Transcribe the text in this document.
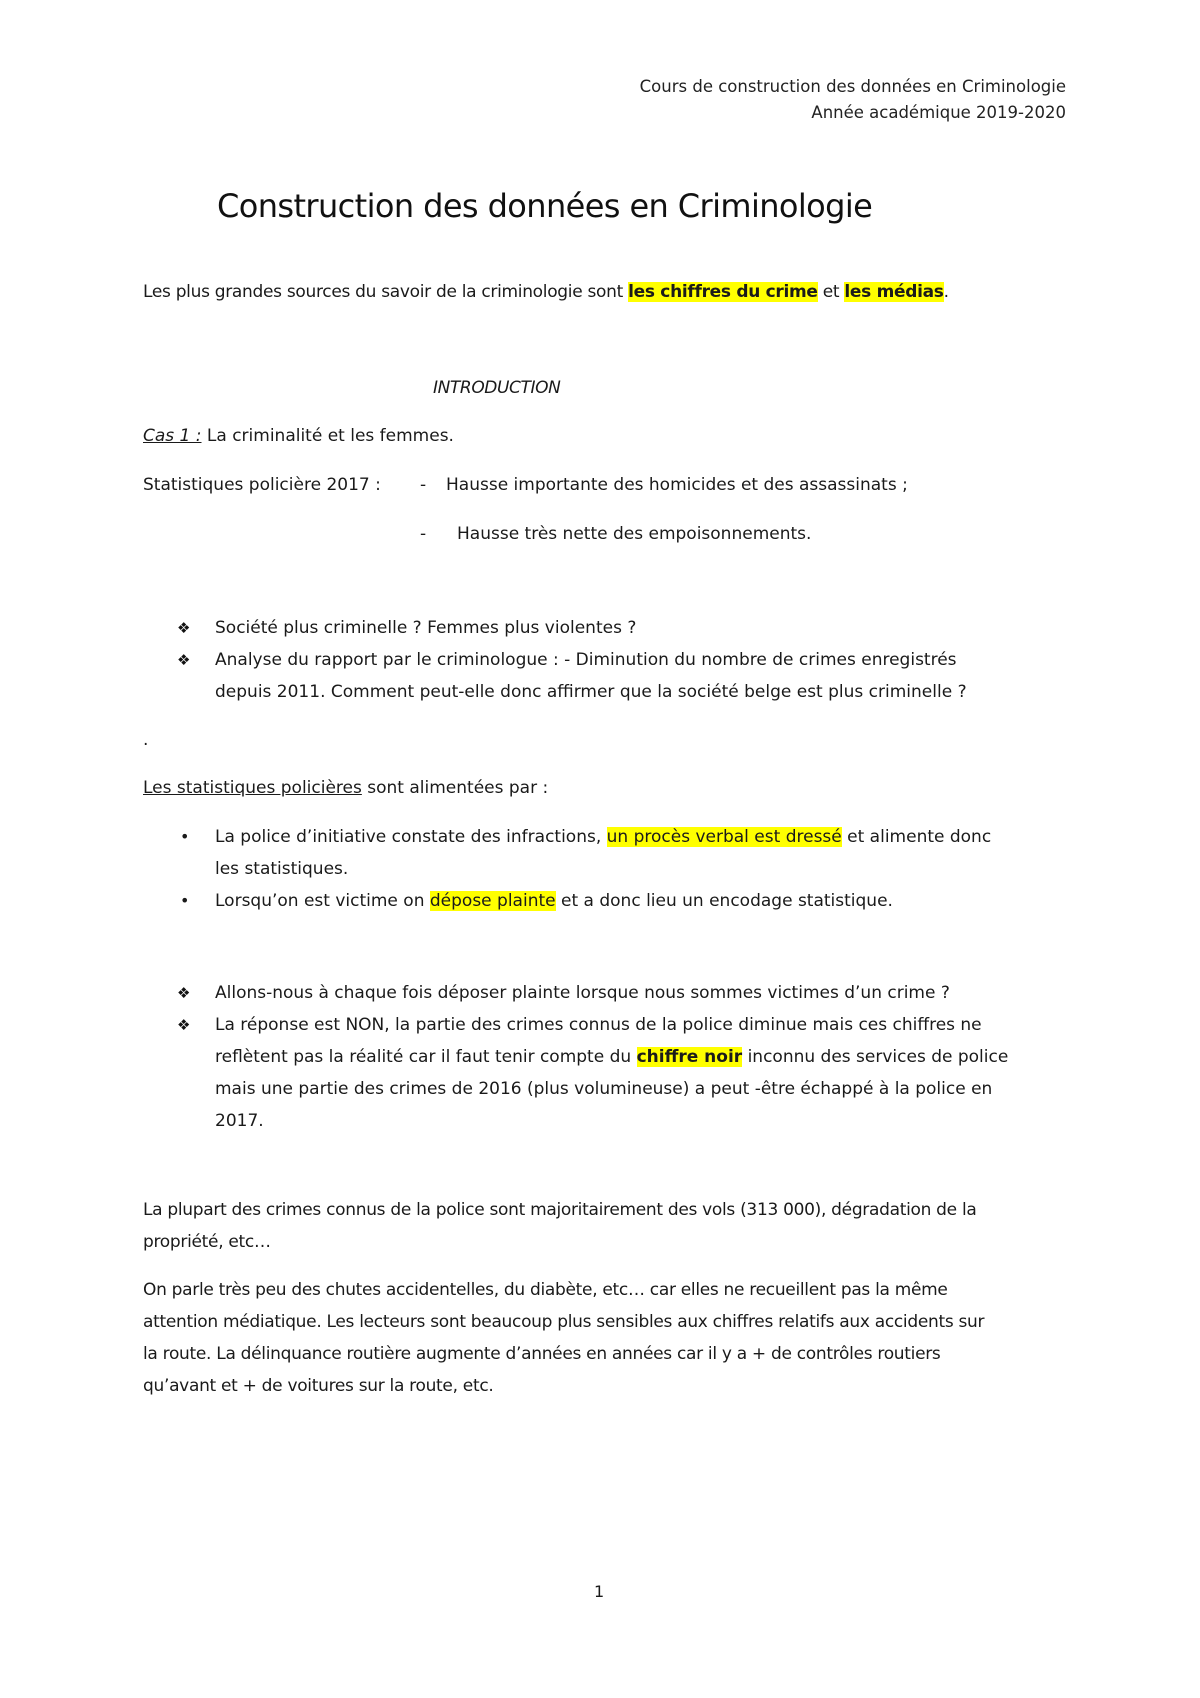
Cours de construction des données en Criminologie
Année académique 2019-2020
Construction des données en Criminologie
Les plus grandes sources du savoir de la criminologie sont les chiffres du crime et les médias.
INTRODUCTION
Cas 1 : La criminalité et les femmes.
Statistiques policière 2017 :	- Hausse importante des homicides et des assassinats ;
- Hausse très nette des empoisonnements.
❖ Société plus criminelle ? Femmes plus violentes ?
❖ Analyse du rapport par le criminologue : - Diminution du nombre de crimes enregistrés
depuis 2011. Comment peut-elle donc affirmer que la société belge est plus criminelle ?
.
Les statistiques policières sont alimentées par :
• La police d’initiative constate des infractions, un procès verbal est dressé et alimente donc
les statistiques.
• Lorsqu’on est victime on dépose plainte et a donc lieu un encodage statistique.
❖ Allons-nous à chaque fois déposer plainte lorsque nous sommes victimes d’un crime ?
❖ La réponse est NON, la partie des crimes connus de la police diminue mais ces chiffres ne
reflètent pas la réalité car il faut tenir compte du chiffre noir inconnu des services de police
mais une partie des crimes de 2016 (plus volumineuse) a peut -être échappé à la police en
2017.
La plupart des crimes connus de la police sont majoritairement des vols (313 000), dégradation de la
propriété, etc…
On parle très peu des chutes accidentelles, du diabète, etc… car elles ne recueillent pas la même
attention médiatique. Les lecteurs sont beaucoup plus sensibles aux chiffres relatifs aux accidents sur
la route. La délinquance routière augmente d’années en années car il y a + de contrôles routiers
qu’avant et + de voitures sur la route, etc.
1
